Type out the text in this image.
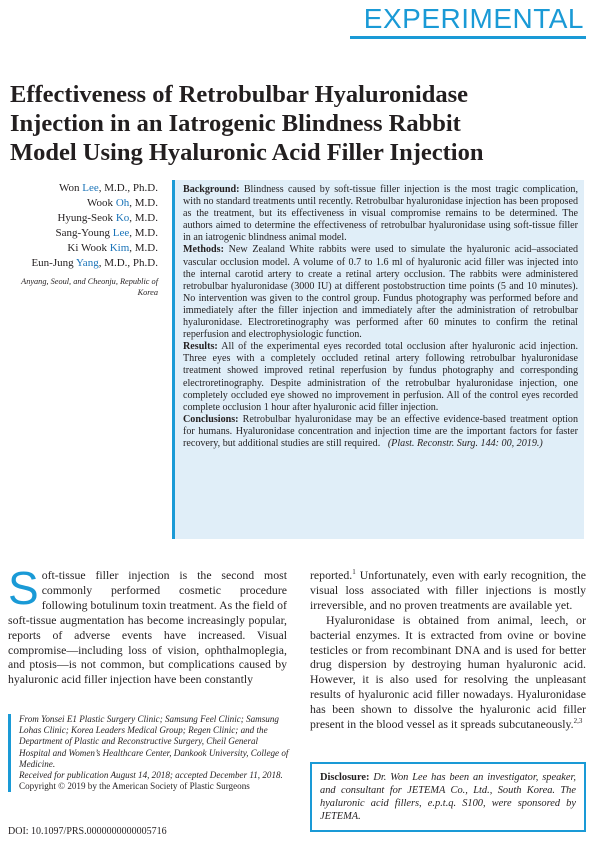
EXPERIMENTAL
Effectiveness of Retrobulbar Hyaluronidase
Injection in an Iatrogenic Blindness Rabbit
Model Using Hyaluronic Acid Filler Injection
Won Lee, M.D., Ph.D.
Wook Oh, M.D.
Hyung-Seok Ko, M.D.
Sang-Young Lee, M.D.
Ki Wook Kim, M.D.
Eun-Jung Yang, M.D., Ph.D.
Anyang, Seoul, and Cheonju, Republic of Korea

Background: Blindness caused by soft-tissue filler injection is the most tragic complication, with no standard treatments until recently. Retrobulbar hyaluronidase injection has been proposed as the treatment, but its effectiveness in visual compromise remains to be determined. The authors aimed to determine the effectiveness of retrobulbar hyaluronidase using soft-tissue filler in an iatrogenic blindness animal model.

Methods: New Zealand White rabbits were used to simulate the hyaluronic acid–associated vascular occlusion model. A volume of 0.7 to 1.6 ml of hyaluronic acid filler was injected into the internal carotid artery to create a retinal artery occlusion. The rabbits were administered retrobulbar hyaluronidase (3000 IU) at different postobstruction time points (5 and 10 minutes). No intervention was given to the control group. Fundus photography was performed before and immediately after the filler injection and immediately after the administration of retrobulbar hyaluronidase. Electroretinography was performed after 60 minutes to confirm the retinal reperfusion and electrophysiologic function.

Results: All of the experimental eyes recorded total occlusion after hyaluronic acid injection. Three eyes with a completely occluded retinal artery following retrobulbar hyaluronidase treatment showed improved retinal reperfusion by fundus photography and corresponding electroretinography. Despite administration of the retrobulbar hyaluronidase injection, one completely occluded eye showed no improvement in perfusion. All of the control eyes recorded complete occlusion 1 hour after hyaluronic acid filler injection.

Conclusions: Retrobulbar hyaluronidase may be an effective evidence-based treatment option for humans. Hyaluronidase concentration and injection time are the important factors for faster recovery, but additional studies are still required. (Plast. Reconstr. Surg. 144: 00, 2019.)

Soft-tissue filler injection is the second most commonly performed cosmetic procedure following botulinum toxin treatment. As the field of soft-tissue augmentation has become increasingly popular, reports of adverse events have increased. Visual compromise—including loss of vision, ophthalmoplegia, and ptosis—is not common, but complications caused by hyaluronic acid filler injection have been constantly

reported.$^1$ Unfortunately, even with early recognition, the visual loss associated with filler injections is mostly irreversible, and no proven treatments are available yet.

Hyaluronidase is obtained from animal, leech, or bacterial enzymes. It is extracted from ovine or bovine testicles or from recombinant DNA and is used for better drug dispersion by destroying human hyaluronic acid. However, it is also used for resolving the unpleasant results of hyaluronic acid filler nowadays. Hyaluronidase has been shown to dissolve the hyaluronic acid filler present in the blood vessel as it spreads subcutaneously.$^{2,3}$

From Yonsei E1 Plastic Surgery Clinic; Samsung Feel Clinic; Samsung Lohas Clinic; Korea Leaders Medical Group; Regen Clinic; and the Department of Plastic and Reconstructive Surgery, Cheil General Hospital and Women’s Healthcare Center, Dankook University, College of Medicine.

Received for publication August 14, 2018; accepted December 11, 2018.

Copyright © 2019 by the American Society of Plastic Surgeons

DOI: 10.1097/PRS.0000000000005716
Disclosure: Dr. Won Lee has been an investigator, speaker, and consultant for JETEMA Co., Ltd., South Korea. The hyaluronic acid fillers, e.p.t.q. S100, were sponsored by JETEMA.
